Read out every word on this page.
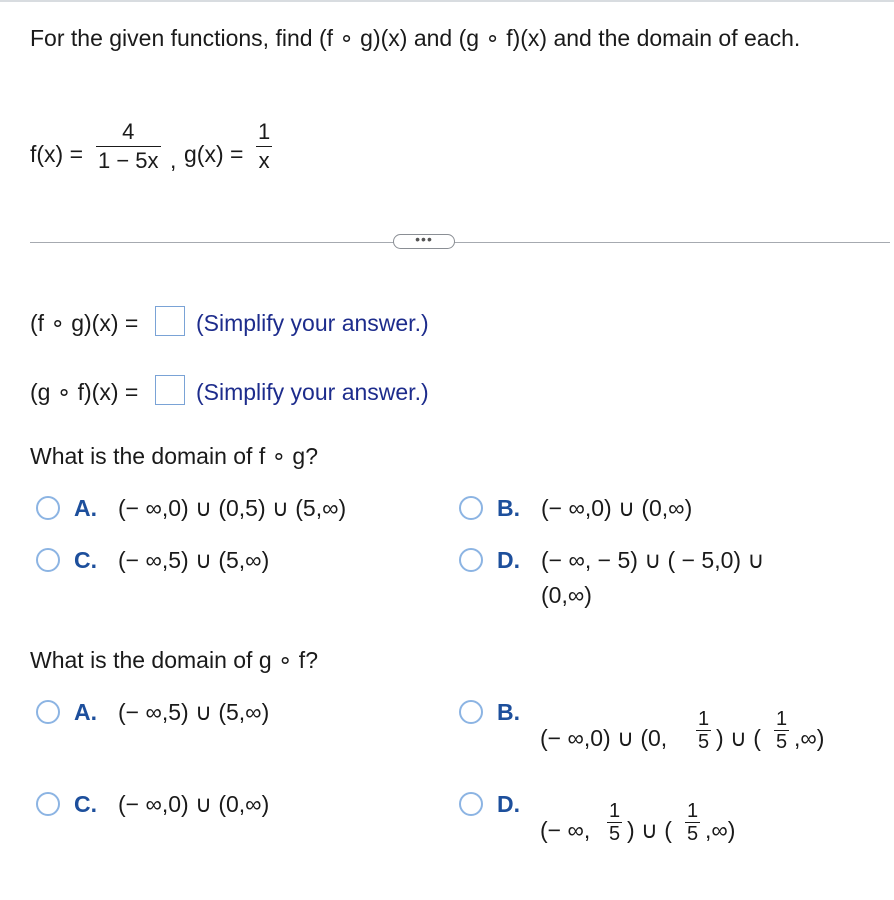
For the given functions, find (f ∘ g)(x) and (g ∘ f)(x) and the domain of each.
f(x) =
4
1 − 5x , g(x) =
1
x
•••
(f ∘ g)(x) =	(Simplify your answer.)
(g ∘ f)(x) =	(Simplify your answer.)
What is the domain of f ∘ g?
A. (− ∞,0) ∪ (0,5) ∪ (5,∞)	B. (− ∞,0) ∪ (0,∞)
C. (− ∞,5) ∪ (5,∞)	D. (− ∞, − 5) ∪ ( − 5,0) ∪
(0,∞)
What is the domain of g ∘ f?
A. (− ∞,5) ∪ (5,∞)	B.
(− ∞,0) ∪ (0,
1
5 ) ∪ (
1
5 ,∞)
C. (− ∞,0) ∪ (0,∞)	D.
(− ∞,
1
5 ) ∪ (
1
5 ,∞)
